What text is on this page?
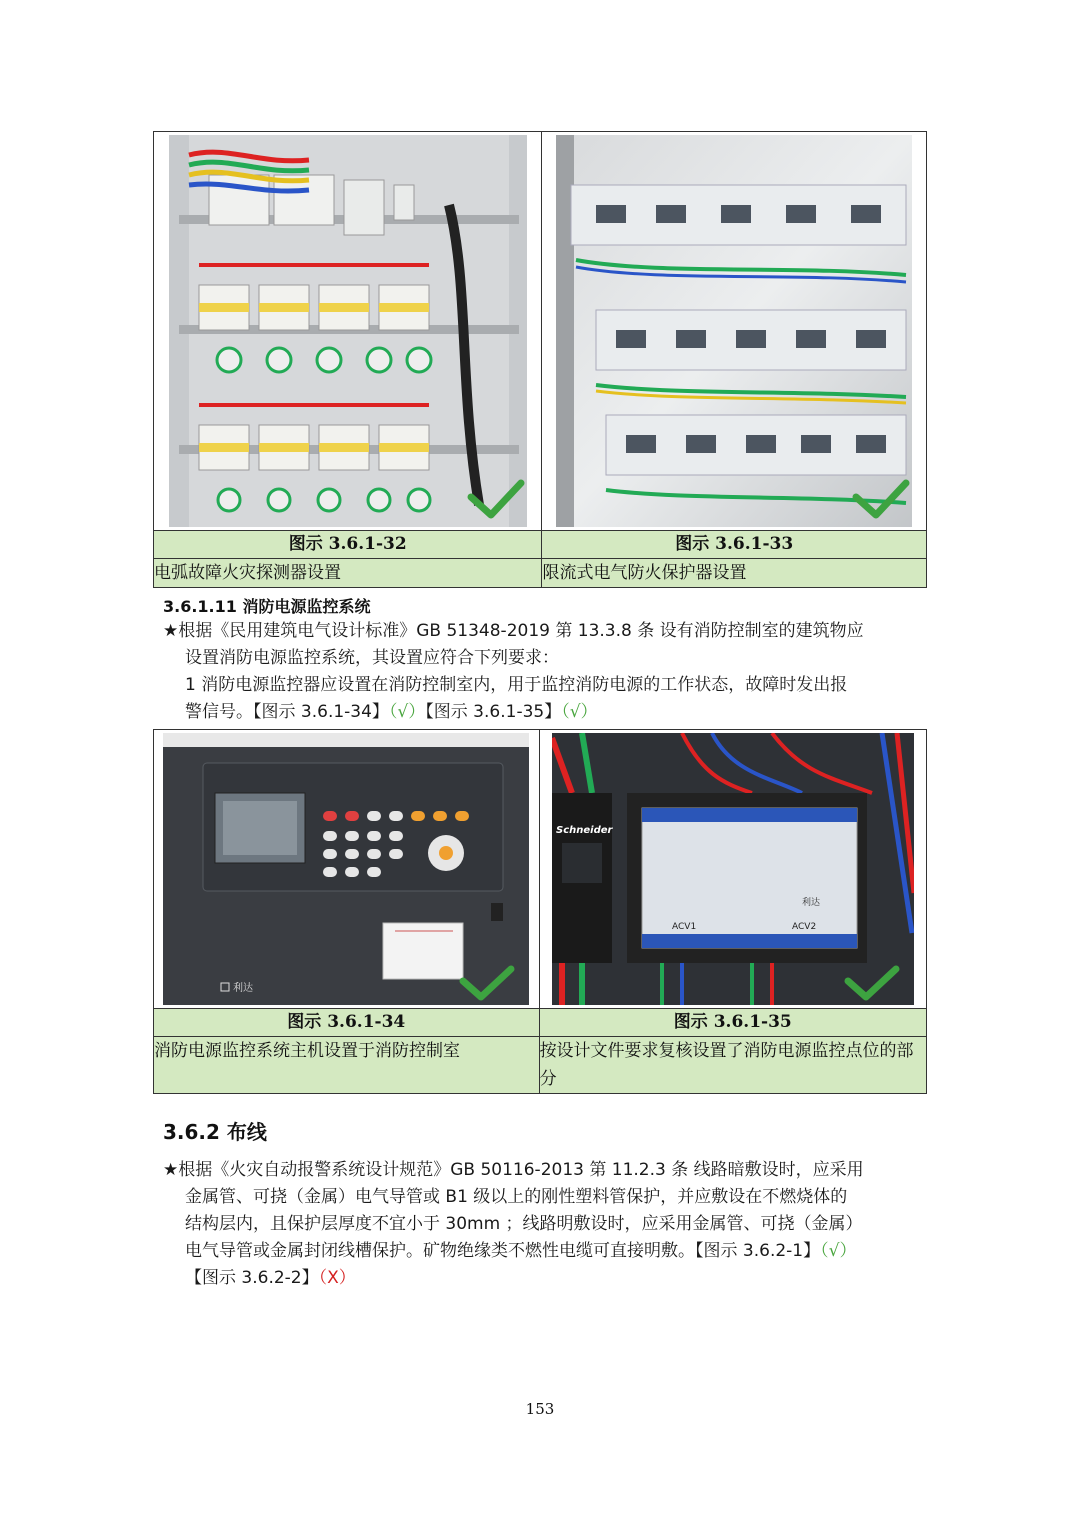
图示 3.6.1-32	图示 3.6.1-33
电弧故障火灾探测器设置	限流式电气防火保护器设置
3.6.1.11 消防电源监控系统
★根据《民用建筑电气设计标准》GB 51348-2019 第 13.3.8 条 设有消防控制室的建筑物应

设置消防电源监控系统，其设置应符合下列要求：
1 消防电源监控器应设置在消防控制室内，用于监控消防电源的工作状态，故障时发出报
警信号。【图示 3.6.1-34】（√）【图示 3.6.1-35】（√）
利达	Schneider
ACV1 ACV2
利达

图示 3.6.1-34	图示 3.6.1-35
消防电源监控系统主机设置于消防控制室	按设计文件要求复核设置了消防电源监控点位的部分
3.6.2 布线
★根据《火灾自动报警系统设计规范》GB 50116-2013 第 11.2.3 条 线路暗敷设时，应采用

金属管、可挠（金属）电气导管或 B1 级以上的刚性塑料管保护，并应敷设在不燃烧体的
结构层内，且保护层厚度不宜小于 30mm ；线路明敷设时，应采用金属管、可挠（金属）
电气导管或金属封闭线槽保护。矿物绝缘类不燃性电缆可直接明敷。【图示 3.6.2-1】（√）
【图示 3.6.2-2】（X）
153
